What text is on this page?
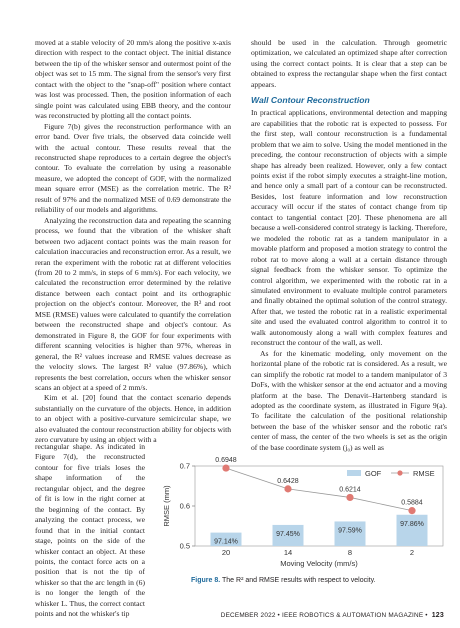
moved at a stable velocity of 20 mm/s along the positive x-axis direction with respect to the contact object. The initial distance between the tip of the whisker sensor and outermost point of the object was set to 15 mm. The signal from the sensor's very first contact with the object to the "snap-off" position where contact was lost was processed. Then, the position information of each single point was calculated using EBB theory, and the contour was reconstructed by plotting all the contact points.

Figure 7(b) gives the reconstruction performance with an error band. Over five trials, the observed data coincide well with the actual contour. These results reveal that the reconstructed shape reproduces to a certain degree the object's contour. To evaluate the correlation by using a reasonable measure, we adopted the concept of GOF, with the normalized mean square error (MSE) as the correlation metric. The R² result of 97% and the normalized MSE of 0.69 demonstrate the reliability of our models and algorithms.

Analyzing the reconstruction data and repeating the scanning process, we found that the vibration of the whisker shaft between two adjacent contact points was the main reason for calculation inaccuracies and reconstruction error. As a result, we reran the experiment with the robotic rat at different velocities (from 20 to 2 mm/s, in steps of 6 mm/s). For each velocity, we calculated the reconstruction error determined by the relative distance between each contact point and its orthographic projection on the object's contour. Moreover, the R² and root MSE (RMSE) values were calculated to quantify the correlation between the reconstructed shape and object's contour. As demonstrated in Figure 8, the GOF for four experiments with different scanning velocities is higher than 97%, whereas in general, the R² values increase and RMSE values decrease as the velocity slows. The largest R² value (97.86%), which represents the best correlation, occurs when the whisker sensor scans an object at a speed of 2 mm/s.

Kim et al. [20] found that the contact scenario depends substantially on the curvature of the objects. Hence, in addition to an object with a positive-curvature semicircular shape, we also evaluated the contour reconstruction ability for objects with zero curvature by using an object with a

rectangular shape. As indicated in Figure 7(d), the reconstructed contour for five trials loses the shape information of the rectangular object, and the degree of fit is low in the right corner at the beginning of the contact. By analyzing the contact process, we found that in the initial contact stage, points on the side of the whisker contact an object. At these points, the contact force acts on a position that is not the tip of whisker so that the arc length in (6) is no longer the length of the whisker L. Thus, the correct contact points and not the whisker's tip

should be used in the calculation. Through geometric optimization, we calculated an optimized shape after correction using the correct contact points. It is clear that a step can be obtained to express the rectangular shape when the first contact appears.

Wall Contour Reconstruction

In practical applications, environmental detection and mapping are capabilities that the robotic rat is expected to possess. For the first step, wall contour reconstruction is a fundamental problem that we aim to solve. Using the model mentioned in the preceding, the contour reconstruction of objects with a simple shape has already been realized. However, only a few contact points exist if the robot simply executes a straight-line motion, and hence only a small part of a contour can be reconstructed. Besides, lost feature information and low reconstruction accuracy will occur if the states of contact change from tip contact to tangential contact [20]. These phenomena are all because a well-considered control strategy is lacking. Therefore, we modeled the robotic rat as a tandem manipulator in a movable platform and proposed a motion strategy to control the robot rat to move along a wall at a certain distance through signal feedback from the whisker sensor. To optimize the control algorithm, we experimented with the robotic rat in a simulated environment to evaluate multiple control parameters and finally obtained the optimal solution of the control strategy. After that, we tested the robotic rat in a realistic experimental site and used the evaluated control algorithm to control it to walk autonomously along a wall with complex features and reconstruct the contour of the wall, as well.

As for the kinematic modeling, only movement on the horizontal plane of the robotic rat is considered. As a result, we can simplify the robotic rat model to a tandem manipulator of 3 DoFs, with the whisker sensor at the end actuator and a moving platform at the base. The Denavit–Hartenberg standard is adopted as the coordinate system, as illustrated in Figure 9(a). To facilitate the calculation of the positional relationship between the base of the whisker sensor and the robotic rat's center of mass, the center of the two wheels is set as the origin of the base coordinate system (j₀) as well as

97.14%
97.45%	97.59%
97.86%
0.6948
0.6428
0.6214
0.5884
0.5
0.6
0.7
RMSE (mm)
20	14	8	2
Moving Velocity (mm/s)
GOF	RMSE
Figure 8. The R² and RMSE results with respect to velocity.
DECEMBER 2022 • IEEE ROBOTICS & AUTOMATION MAGAZINE • 123
